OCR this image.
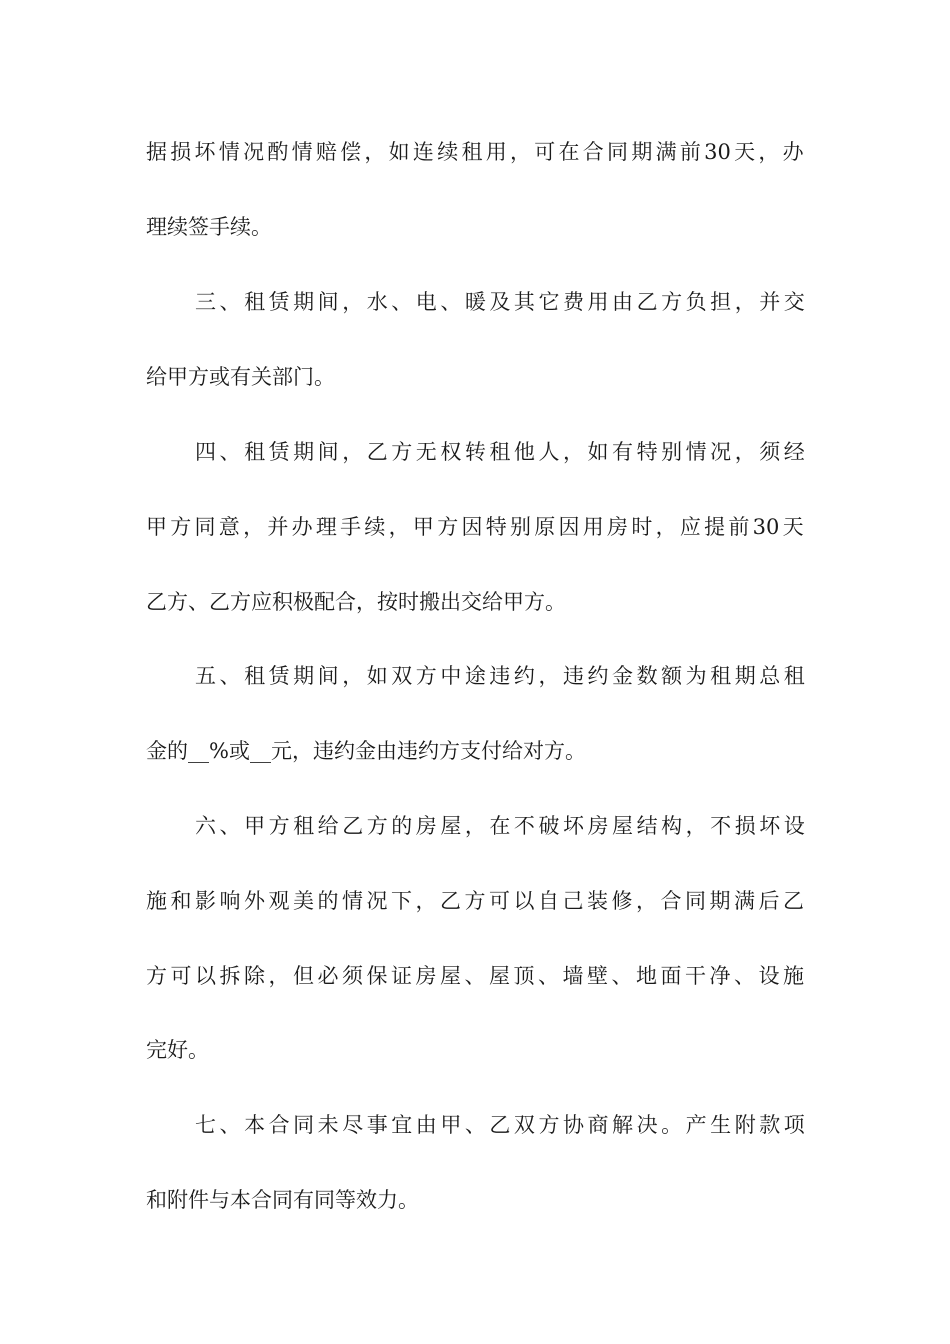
据 损 坏 情 况 酌 情 赔 偿 ， 如 连 续 租 用 ， 可 在 合 同 期 满 前 30 天 ， 办
理续签手续。
三 、 租 赁 期 间 ， 水 、 电 、 暖 及 其 它 费 用 由 乙 方 负 担 ， 并 交
给甲方或有关部门。
四 、 租 赁 期 间 ， 乙 方 无 权 转 租 他 人 ， 如 有 特 别 情 况 ， 须 经
甲 方 同 意 ， 并 办 理 手 续 ， 甲 方 因 特 别 原 因 用 房 时 ， 应 提 前 30 天
乙方、乙方应积极配合，按时搬出交给甲方。
五 、 租 赁 期 间 ， 如 双 方 中 途 违 约 ， 违 约 金 数 额 为 租 期 总 租
金的__%或__元，违约金由违约方支付给对方。
六 、 甲 方 租 给 乙 方 的 房 屋 ， 在 不 破 坏 房 屋 结 构 ， 不 损 坏 设
施 和 影 响 外 观 美 的 情 况 下 ， 乙 方 可 以 自 己 装 修 ， 合 同 期 满 后 乙
方 可 以 拆 除 ， 但 必 须 保 证 房 屋 、 屋 顶 、 墙 壁 、 地 面 干 净 、 设 施
完好。
七 、 本 合 同 未 尽 事 宜 由 甲 、 乙 双 方 协 商 解 决 。 产 生 附 款 项
和附件与本合同有同等效力。
